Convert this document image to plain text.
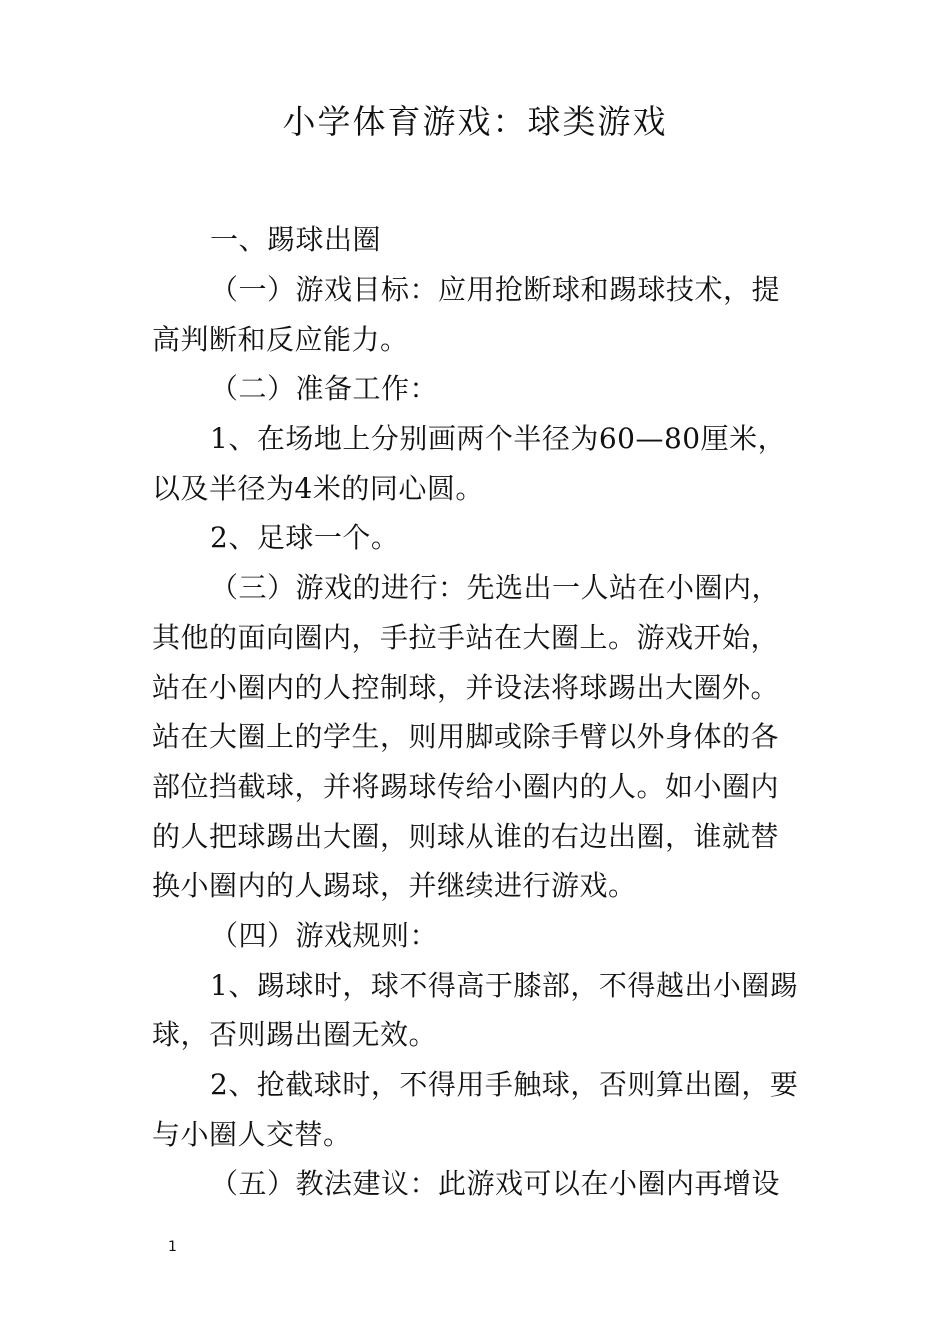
小学体育游戏：球类游戏
一、踢球出圈
（一）游戏目标：应用抢断球和踢球技术，提
高判断和反应能力。
（二）准备工作：
1、在场地上分别画两个半径为60—80厘米，
以及半径为4米的同心圆。
2、足球一个。
（三）游戏的进行：先选出一人站在小圈内，
其他的面向圈内，手拉手站在大圈上。游戏开始，
站在小圈内的人控制球，并设法将球踢出大圈外。
站在大圈上的学生，则用脚或除手臂以外身体的各
部位挡截球，并将踢球传给小圈内的人。如小圈内
的人把球踢出大圈，则球从谁的右边出圈，谁就替
换小圈内的人踢球，并继续进行游戏。
（四）游戏规则：
1、踢球时，球不得高于膝部，不得越出小圈踢
球，否则踢出圈无效。
2、抢截球时，不得用手触球，否则算出圈，要
与小圈人交替。
（五）教法建议：此游戏可以在小圈内再增设
1
